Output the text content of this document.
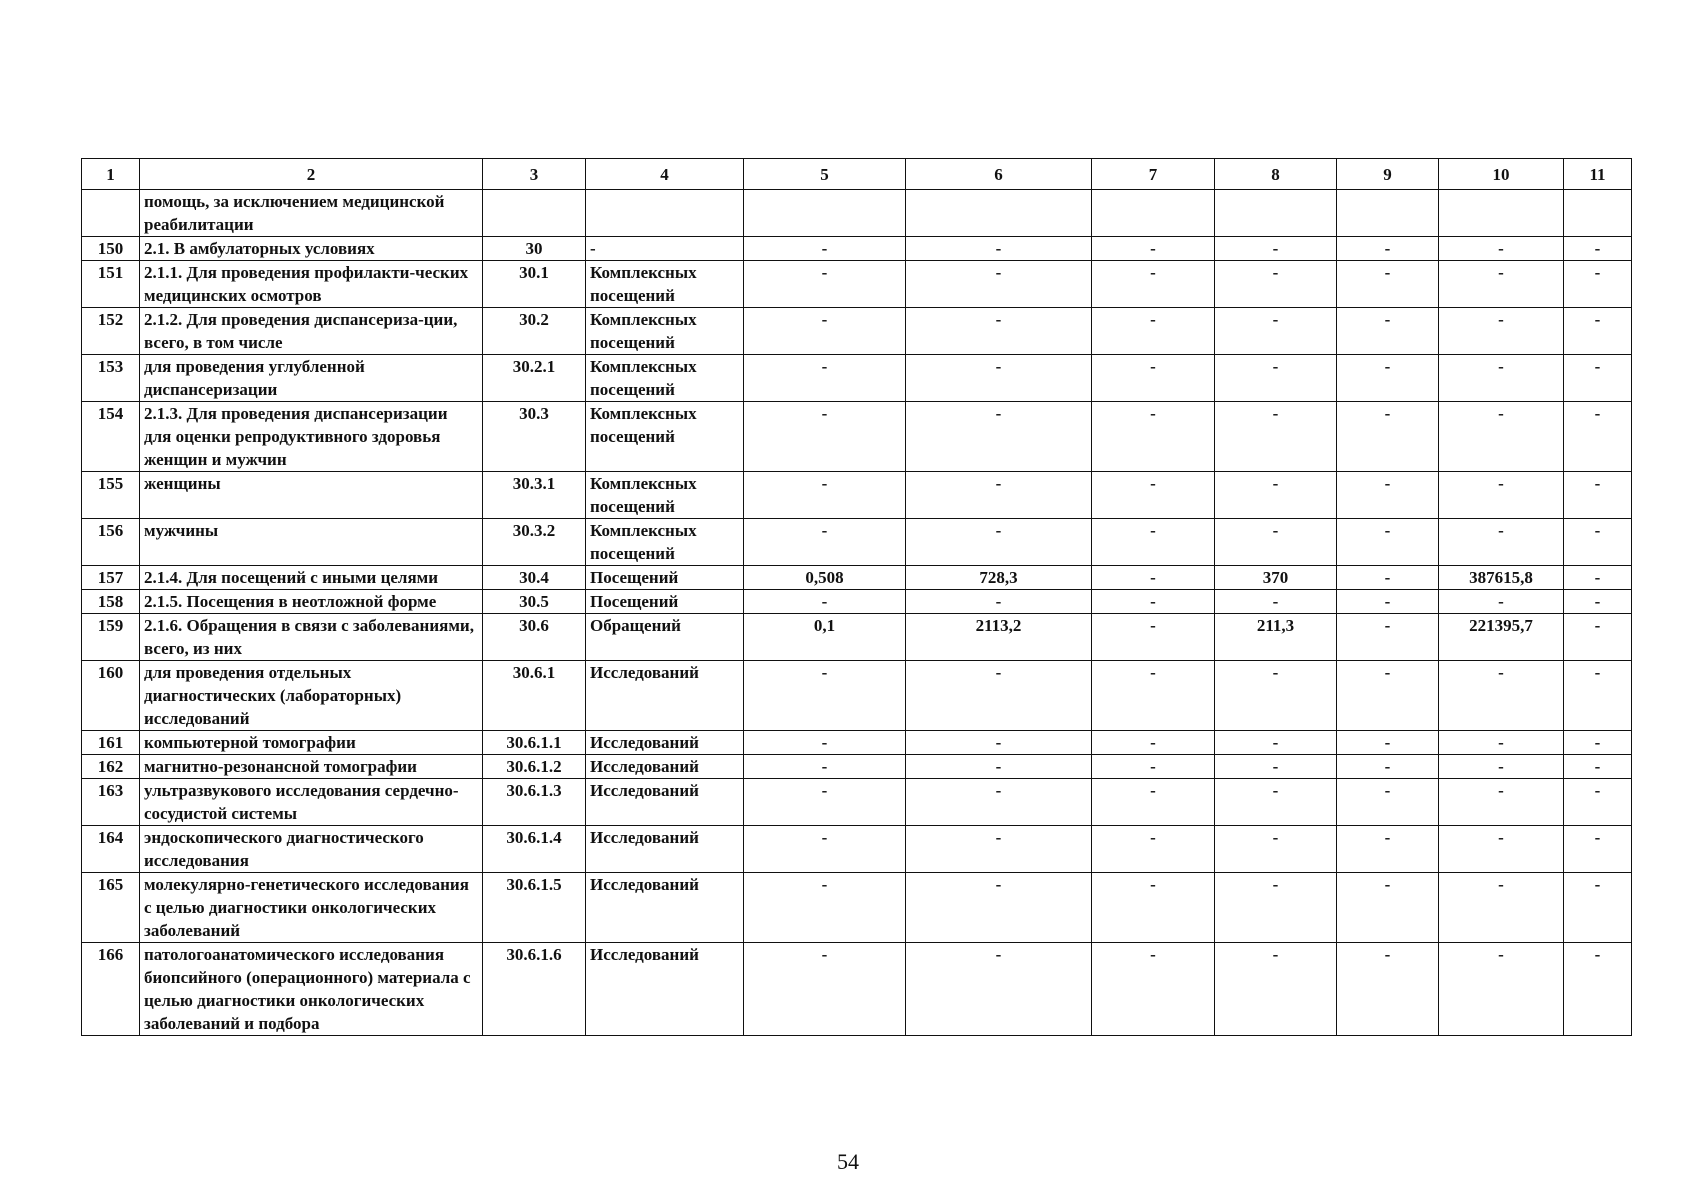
1	2	3	4	5	6	7	8	9	10	11
	помощь, за исключением медицинской реабилитации									
150	2.1. В амбулаторных условиях	30	-	-	-	-	-	-	-	-
151	2.1.1. Для проведения профилакти-ческих медицинских осмотров	30.1	Комплексных посещений	-	-	-	-	-	-	-
152	2.1.2. Для проведения диспансериза-ции, всего, в том числе	30.2	Комплексных посещений	-	-	-	-	-	-	-
153	для проведения углубленной диспансеризации	30.2.1	Комплексных посещений	-	-	-	-	-	-	-
154	2.1.3. Для проведения диспансеризации для оценки репродуктивного здоровья женщин и мужчин	30.3	Комплексных посещений	-	-	-	-	-	-	-
155	женщины	30.3.1	Комплексных посещений	-	-	-	-	-	-	-
156	мужчины	30.3.2	Комплексных посещений	-	-	-	-	-	-	-
157	2.1.4. Для посещений с иными целями	30.4	Посещений	0,508	728,3	-	370	-	387615,8	-
158	2.1.5. Посещения в неотложной форме	30.5	Посещений	-	-	-	-	-	-	-
159	2.1.6. Обращения в связи с заболеваниями, всего, из них	30.6	Обращений	0,1	2113,2	-	211,3	-	221395,7	-
160	для проведения отдельных диагностических (лабораторных) исследований	30.6.1	Исследований	-	-	-	-	-	-	-
161	компьютерной томографии	30.6.1.1	Исследований	-	-	-	-	-	-	-
162	магнитно-резонансной томографии	30.6.1.2	Исследований	-	-	-	-	-	-	-
163	ультразвукового исследования сердечно-сосудистой системы	30.6.1.3	Исследований	-	-	-	-	-	-	-
164	эндоскопического диагностического исследования	30.6.1.4	Исследований	-	-	-	-	-	-	-
165	молекулярно-генетического исследования с целью диагностики онкологических заболеваний	30.6.1.5	Исследований	-	-	-	-	-	-	-
166	патологоанатомического исследования биопсийного (операционного) материала с целью диагностики онкологических заболеваний и подбора	30.6.1.6	Исследований	-	-	-	-	-	-	-
54
